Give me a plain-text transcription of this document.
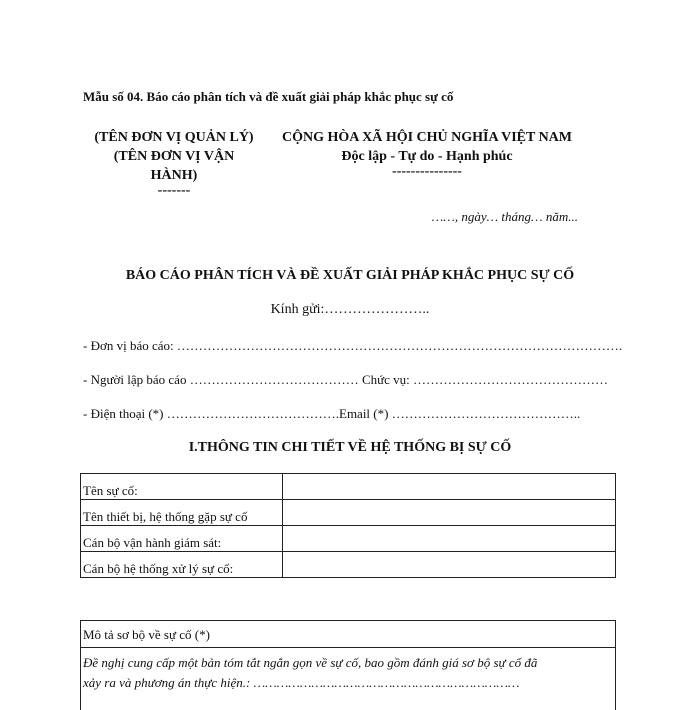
Mẫu số 04. Báo cáo phân tích và đề xuất giải pháp khắc phục sự cố
(TÊN ĐƠN VỊ QUẢN LÝ)
(TÊN ĐƠN VỊ VẬN
HÀNH)
-------
CỘNG HÒA XÃ HỘI CHỦ NGHĨA VIỆT NAM
Độc lập - Tự do - Hạnh phúc
---------------
……, ngày… tháng… năm...
BÁO CÁO PHÂN TÍCH VÀ ĐỀ XUẤT GIẢI PHÁP KHẮC PHỤC SỰ CỐ
Kính gửi:…………………..
- Đơn vị báo cáo: ………………………………………………………………………………………….
- Người lập báo cáo ………………………………… Chức vụ: ………………………………………
- Điện thoại (*) ………………………………….Email (*) ……………………………………..
I.THÔNG TIN CHI TIẾT VỀ HỆ THỐNG BỊ SỰ CỐ
Tên sự cố:	
Tên thiết bị, hệ thống gặp sự cố	
Cán bộ vận hành giám sát:	
Cán bộ hệ thống xử lý sự cố:	
Mô tả sơ bộ về sự cố (*)
Đề nghị cung cấp một bản tóm tắt ngắn gọn về sự cố, bao gồm đánh giá sơ bộ sự cố đã
xảy ra và phương án thực hiện.: ……………………………………………………………
